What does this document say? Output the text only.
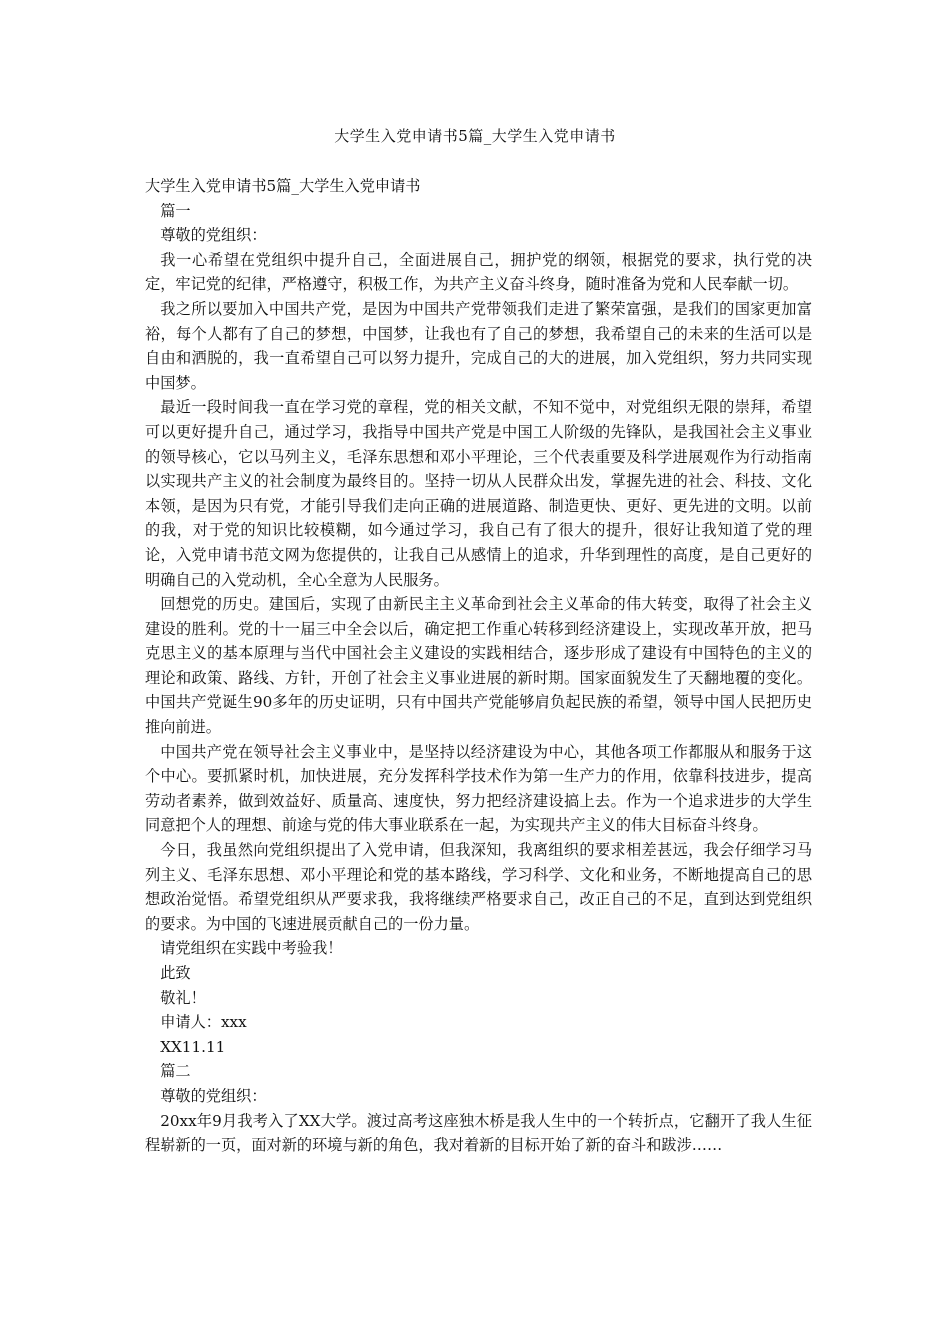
大学生入党申请书5篇_大学生入党申请书

大学生入党申请书5篇_大学生入党申请书

篇一

尊敬的党组织：

我一心希望在党组织中提升自己，全面进展自己，拥护党的纲领，根据党的要求，执行党的决定，牢记党的纪律，严格遵守，积极工作，为共产主义奋斗终身，随时准备为党和人民奉献一切。

我之所以要加入中国共产党，是因为中国共产党带领我们走进了繁荣富强，是我们的国家更加富裕，每个人都有了自己的梦想，中国梦，让我也有了自己的梦想，我希望自己的未来的生活可以是自由和洒脱的，我一直希望自己可以努力提升，完成自己的大的进展，加入党组织，努力共同实现中国梦。

最近一段时间我一直在学习党的章程，党的相关文献，不知不觉中，对党组织无限的崇拜，希望可以更好提升自己，通过学习，我指导中国共产党是中国工人阶级的先锋队，是我国社会主义事业的领导核心，它以马列主义，毛泽东思想和邓小平理论，三个代表重要及科学进展观作为行动指南以实现共产主义的社会制度为最终目的。坚持一切从人民群众出发，掌握先进的社会、科技、文化本领，是因为只有党，才能引导我们走向正确的进展道路、制造更快、更好、更先进的文明。以前的我，对于党的知识比较模糊，如今通过学习，我自己有了很大的提升，很好让我知道了党的理论，入党申请书范文网为您提供的，让我自己从感情上的追求，升华到理性的高度，是自己更好的明确自己的入党动机，全心全意为人民服务。

回想党的历史。建国后，实现了由新民主主义革命到社会主义革命的伟大转变，取得了社会主义建设的胜利。党的十一届三中全会以后，确定把工作重心转移到经济建设上，实现改革开放，把马克思主义的基本原理与当代中国社会主义建设的实践相结合，逐步形成了建设有中国特色的主义的理论和政策、路线、方针，开创了社会主义事业进展的新时期。国家面貌发生了天翻地覆的变化。中国共产党诞生90多年的历史证明，只有中国共产党能够肩负起民族的希望，领导中国人民把历史推向前进。

中国共产党在领导社会主义事业中，是坚持以经济建设为中心，其他各项工作都服从和服务于这个中心。要抓紧时机，加快进展，充分发挥科学技术作为第一生产力的作用，依靠科技进步，提高劳动者素养，做到效益好、质量高、速度快，努力把经济建设搞上去。作为一个追求进步的大学生同意把个人的理想、前途与党的伟大事业联系在一起，为实现共产主义的伟大目标奋斗终身。

今日，我虽然向党组织提出了入党申请，但我深知，我离组织的要求相差甚远，我会仔细学习马列主义、毛泽东思想、邓小平理论和党的基本路线，学习科学、文化和业务，不断地提高自己的思想政治觉悟。希望党组织从严要求我，我将继续严格要求自己，改正自己的不足，直到达到党组织的要求。为中国的飞速进展贡献自己的一份力量。

请党组织在实践中考验我！

此致

敬礼！

申请人：xxx

XX11.11

篇二

尊敬的党组织：

20xx年9月我考入了XX大学。渡过高考这座独木桥是我人生中的一个转折点，它翻开了我人生征程崭新的一页，面对新的环境与新的角色，我对着新的目标开始了新的奋斗和跋涉……
